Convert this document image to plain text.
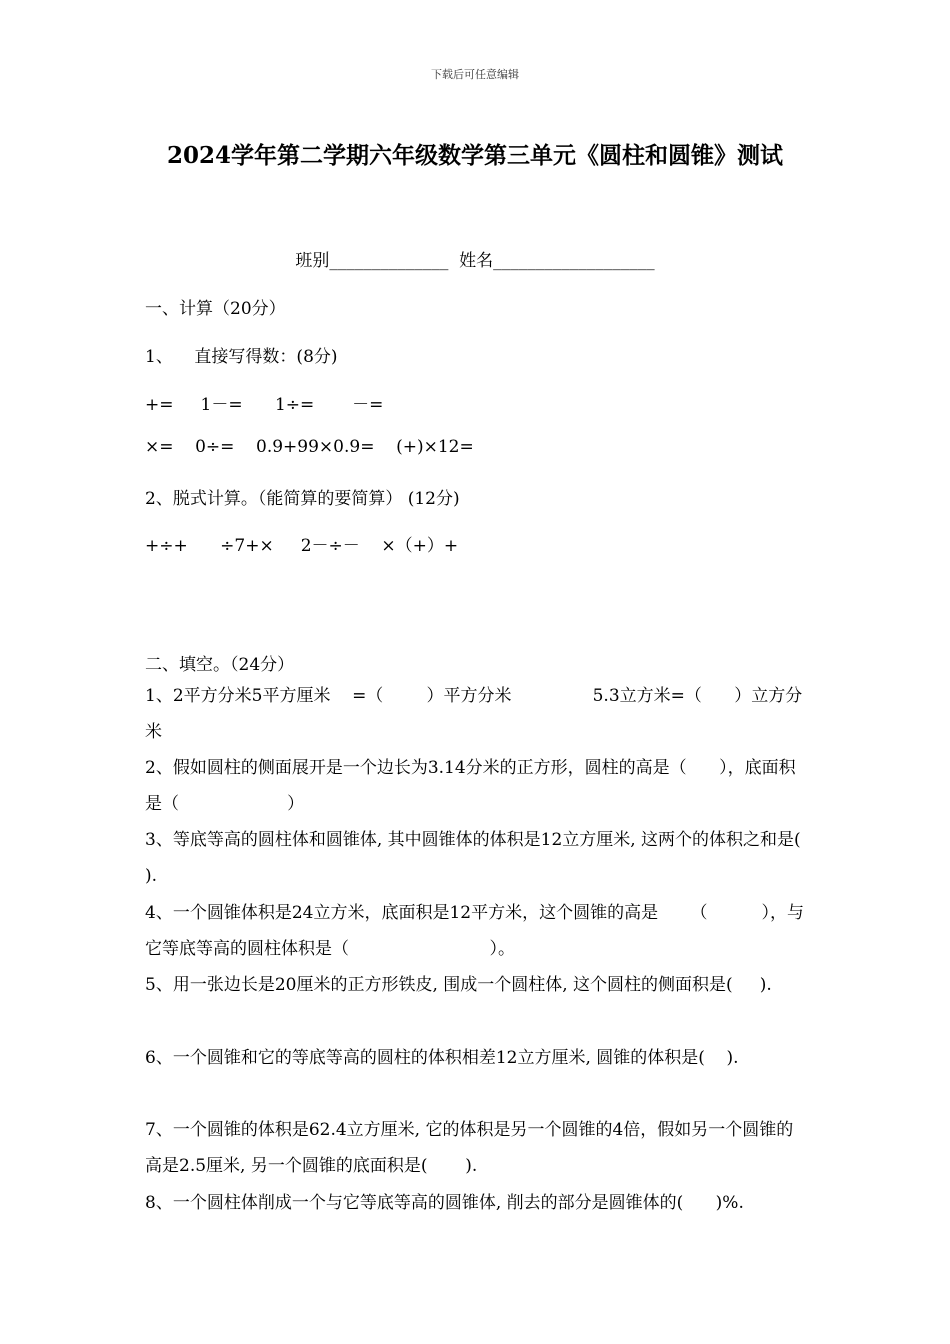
下载后可任意编辑
2024学年第二学期六年级数学第三单元《圆柱和圆锥》测试
班别______________  姓名___________________
一、计算（20分）
1、    直接写得数：(8分)
+=     1－=      1÷=       －=
×=    0÷=    0.9+99×0.9=    (+)×12=
2、脱式计算。（能简算的要简算） (12分)
+÷+      ÷7+×     2－÷－    ×（+）+
二、填空。（24分）
1、2平方分米5平方厘米    =（        ）平方分米               5.3立方米=（      ）立方分米
2、假如圆柱的侧面展开是一个边长为3.14分米的正方形，圆柱的高是（      ），底面积是（                    ）
3、等底等高的圆柱体和圆锥体, 其中圆锥体的体积是12立方厘米, 这两个的体积之和是(      ).
4、一个圆锥体积是24立方米，底面积是12平方米，这个圆锥的高是      （          ），与它等底等高的圆柱体积是（                          ）。
5、用一张边长是20厘米的正方形铁皮, 围成一个圆柱体, 这个圆柱的侧面积是(     ).
6、一个圆锥和它的等底等高的圆柱的体积相差12立方厘米, 圆锥的体积是(    ).
7、一个圆锥的体积是62.4立方厘米, 它的体积是另一个圆锥的4倍，假如另一个圆锥的高是2.5厘米, 另一个圆锥的底面积是(       ).
8、一个圆柱体削成一个与它等底等高的圆锥体, 削去的部分是圆锥体的(      )%.
